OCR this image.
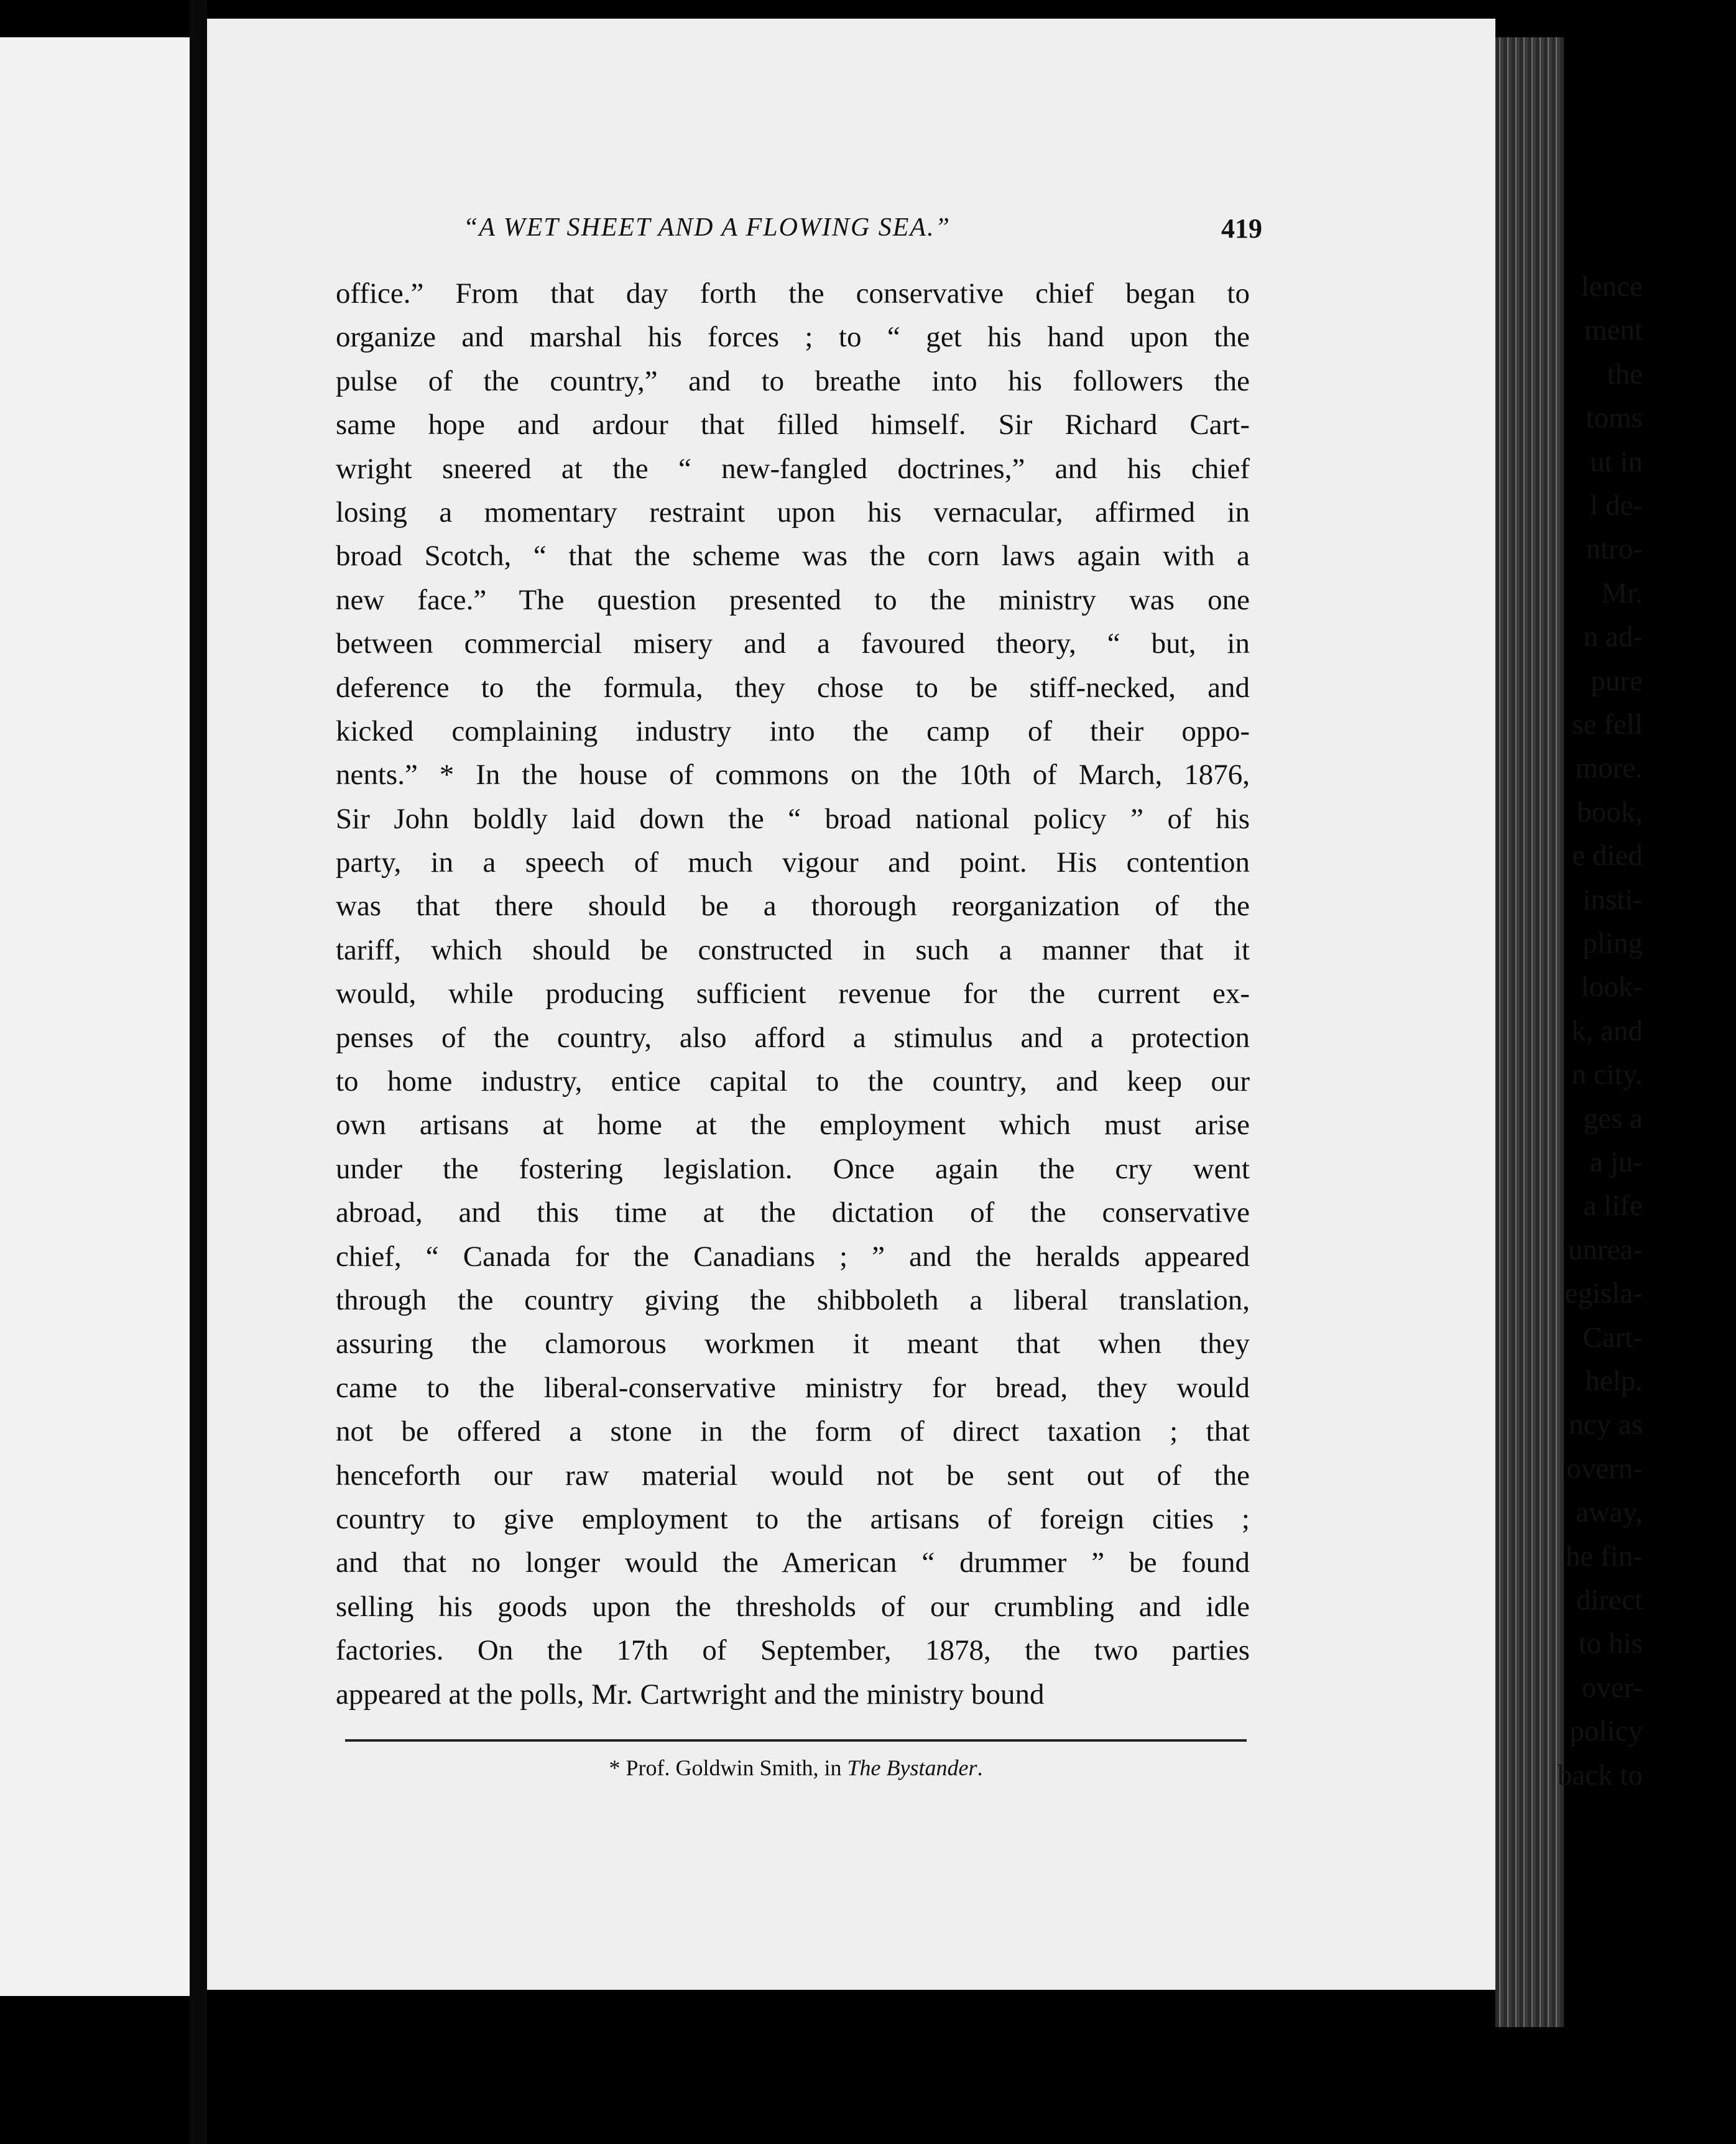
lence
ment
the
toms
ut in
l de-
ntro-
Mr.
n ad-
pure
se fell
more.
book,
e died
insti-
pling
look-
k, and
n city.
ges a
a ju-
a life
unrea-
egisla-
Cart-
help.
ncy as
overn-
away,
he fin-
direct
to his
over-
policy
back to
“A WET SHEET AND A FLOWING SEA.”	419
office.” From that day forth the conservative chief began to
organize and marshal his forces ; to “ get his hand upon the
pulse of the country,” and to breathe into his followers the
same hope and ardour that filled himself. Sir Richard Cart-
wright sneered at the “ new-fangled doctrines,” and his chief
losing a momentary restraint upon his vernacular, affirmed in
broad Scotch, “ that the scheme was the corn laws again with a
new face.” The question presented to the ministry was one
between commercial misery and a favoured theory, “ but, in
deference to the formula, they chose to be stiff-necked, and
kicked complaining industry into the camp of their oppo-
nents.” * In the house of commons on the 10th of March, 1876,
Sir John boldly laid down the “ broad national policy ” of his
party, in a speech of much vigour and point. His contention
was that there should be a thorough reorganization of the
tariff, which should be constructed in such a manner that it
would, while producing sufficient revenue for the current ex-
penses of the country, also afford a stimulus and a protection
to home industry, entice capital to the country, and keep our
own artisans at home at the employment which must arise
under the fostering legislation. Once again the cry went
abroad, and this time at the dictation of the conservative
chief, “ Canada for the Canadians ; ” and the heralds appeared
through the country giving the shibboleth a liberal translation,
assuring the clamorous workmen it meant that when they
came to the liberal-conservative ministry for bread, they would
not be offered a stone in the form of direct taxation ; that
henceforth our raw material would not be sent out of the
country to give employment to the artisans of foreign cities ;
and that no longer would the American “ drummer ” be found
selling his goods upon the thresholds of our crumbling and idle
factories. On the 17th of September, 1878, the two parties
appeared at the polls, Mr. Cartwright and the ministry bound
* Prof. Goldwin Smith, in The Bystander.
